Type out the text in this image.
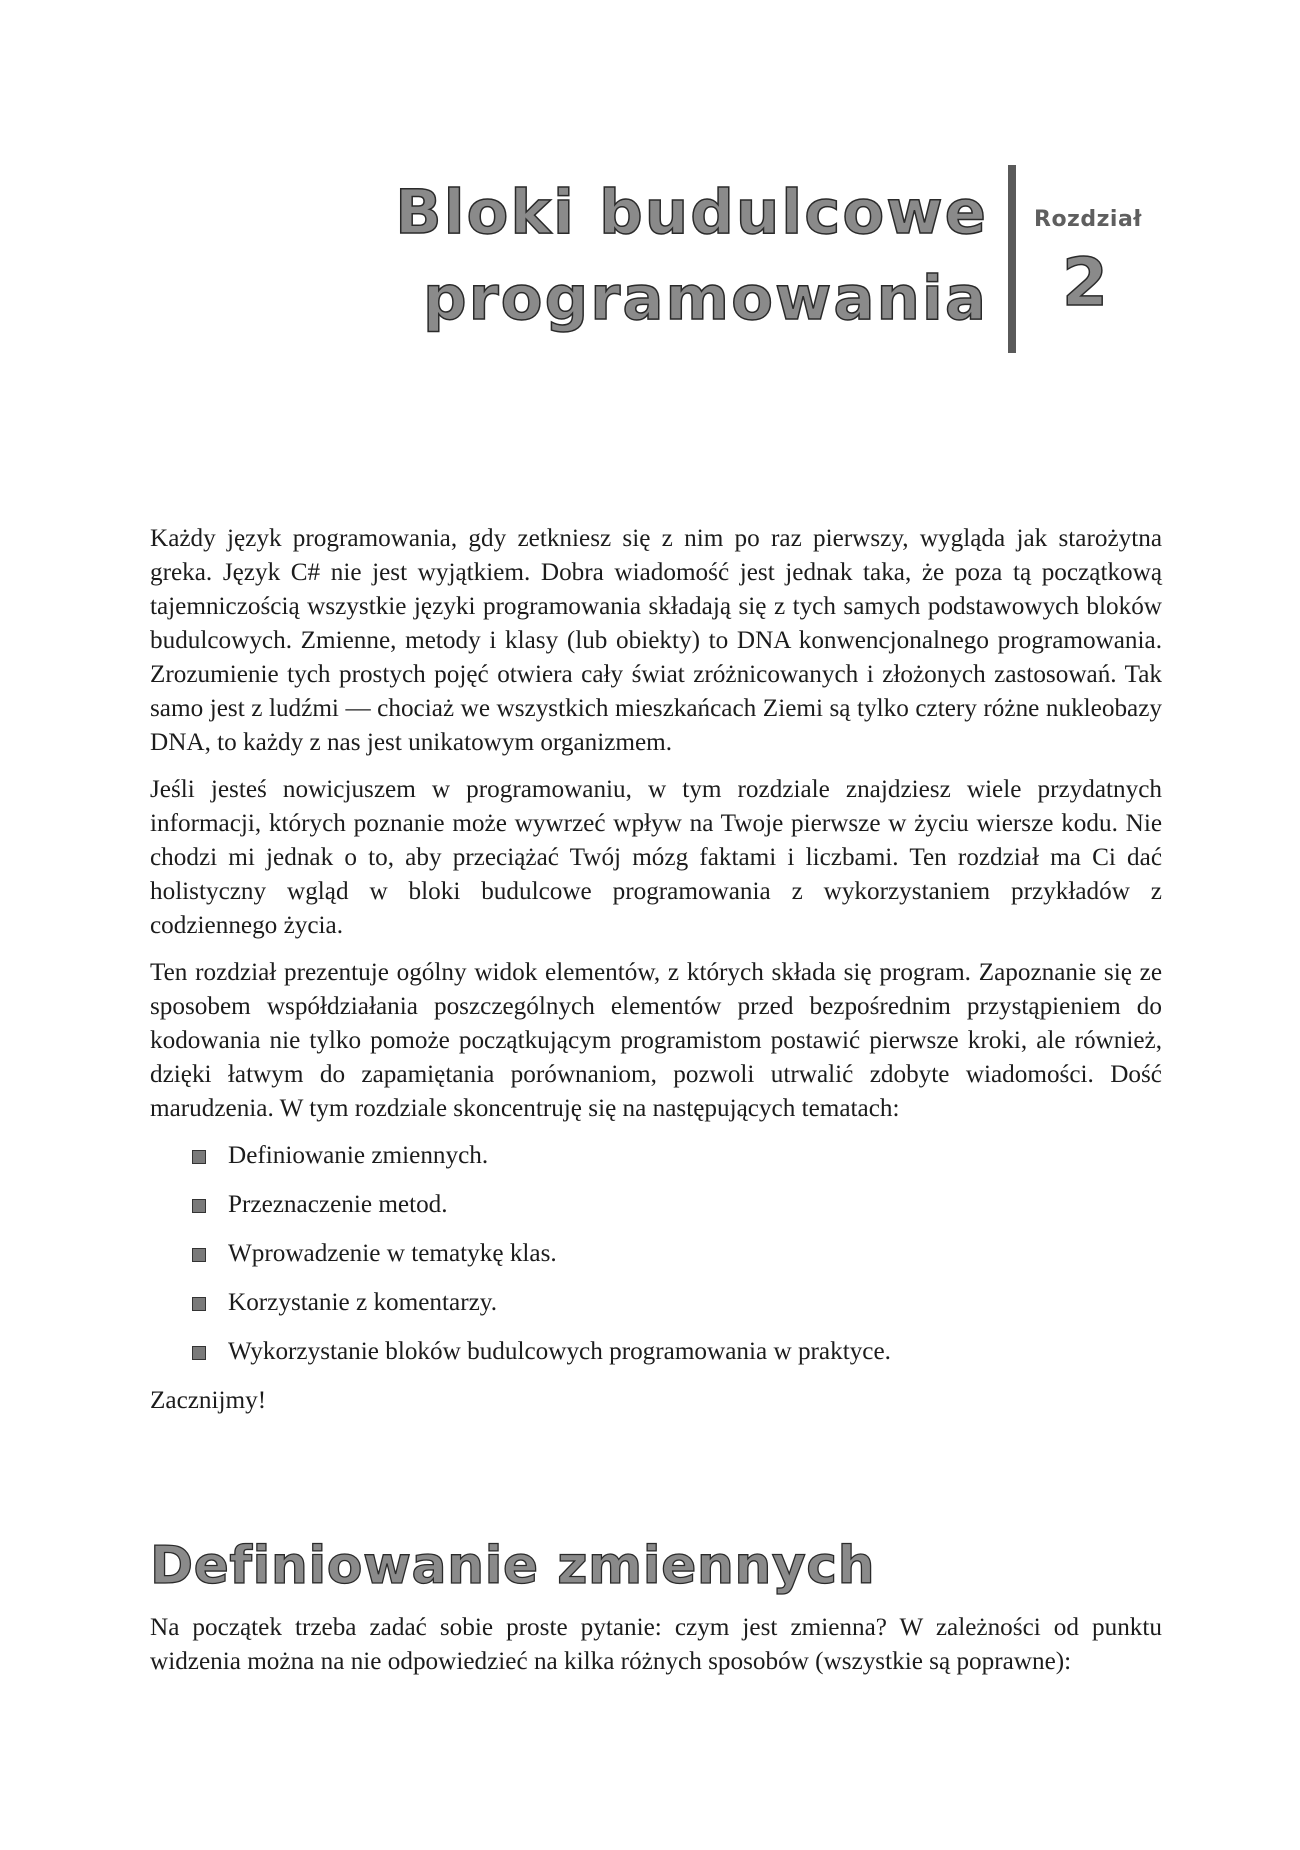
Bloki budulcowe
programowania
Rozdział
2

Każdy język programowania, gdy zetkniesz się z nim po raz pierwszy, wygląda jak starożytna greka. Język C# nie jest wyjątkiem. Dobra wiadomość jest jednak taka, że poza tą początkową tajemniczością wszystkie języki programowania składają się z tych samych podstawowych bloków budulcowych. Zmienne, metody i klasy (lub obiekty) to DNA konwencjonalnego programowania. Zrozumienie tych prostych pojęć otwiera cały świat zróżnicowanych i złożonych zastosowań. Tak samo jest z ludźmi — chociaż we wszystkich mieszkańcach Ziemi są tylko cztery różne nukleobazy DNA, to każdy z nas jest unikatowym organizmem.

Jeśli jesteś nowicjuszem w programowaniu, w tym rozdziale znajdziesz wiele przydatnych informacji, których poznanie może wywrzeć wpływ na Twoje pierwsze w życiu wiersze kodu. Nie chodzi mi jednak o to, aby przeciążać Twój mózg faktami i liczbami. Ten rozdział ma Ci dać holistyczny wgląd w bloki budulcowe programowania z wykorzystaniem przykładów z codziennego życia.

Ten rozdział prezentuje ogólny widok elementów, z których składa się program. Zapoznanie się ze sposobem współdziałania poszczególnych elementów przed bezpośrednim przystąpieniem do kodowania nie tylko pomoże początkującym programistom postawić pierwsze kroki, ale również, dzięki łatwym do zapamiętania porównaniom, pozwoli utrwalić zdobyte wiadomości. Dość marudzenia. W tym rozdziale skoncentruję się na następujących tematach:

Definiowanie zmiennych.
Przeznaczenie metod.
Wprowadzenie w tematykę klas.
Korzystanie z komentarzy.
Wykorzystanie bloków budulcowych programowania w praktyce.

Zacznijmy!

Definiowanie zmiennych

Na początek trzeba zadać sobie proste pytanie: czym jest zmienna? W zależności od punktu widzenia można na nie odpowiedzieć na kilka różnych sposobów (wszystkie są poprawne):
